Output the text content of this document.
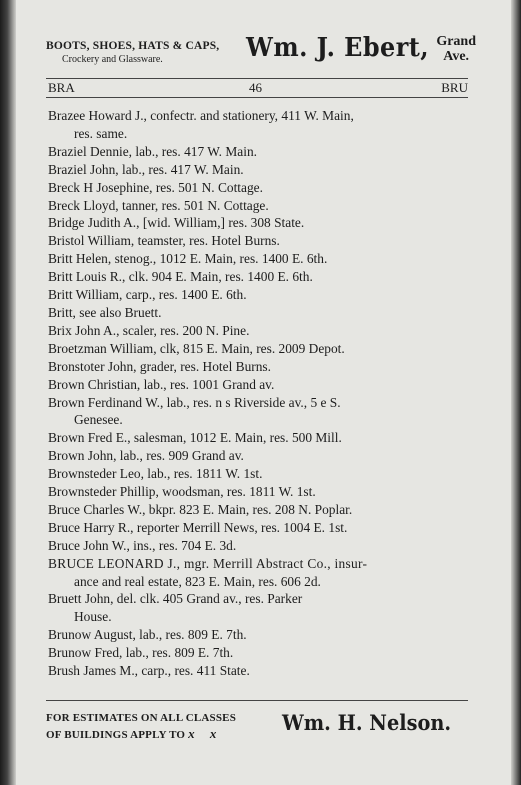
BOOTS, SHOES, HATS & CAPS,
Crockery and Glassware.	Wm. J. Ebert, Grand
Ave.
BRA	46	BRU
Brazee Howard J., confectr. and stationery, 411 W. Main,
res. same.
Braziel Dennie, lab., res. 417 W. Main.
Braziel John, lab., res. 417 W. Main.
Breck H Josephine, res. 501 N. Cottage.
Breck Lloyd, tanner, res. 501 N. Cottage.
Bridge Judith A., [wid. William,] res. 308 State.
Bristol William, teamster, res. Hotel Burns.
Britt Helen, stenog., 1012 E. Main, res. 1400 E. 6th.
Britt Louis R., clk. 904 E. Main, res. 1400 E. 6th.
Britt William, carp., res. 1400 E. 6th.
Britt, see also Bruett.
Brix John A., scaler, res. 200 N. Pine.
Broetzman William, clk, 815 E. Main, res. 2009 Depot.
Bronstoter John, grader, res. Hotel Burns.
Brown Christian, lab., res. 1001 Grand av.
Brown Ferdinand W., lab., res. n s Riverside av., 5 e S.
Genesee.
Brown Fred E., salesman, 1012 E. Main, res. 500 Mill.
Brown John, lab., res. 909 Grand av.
Brownsteder Leo, lab., res. 1811 W. 1st.
Brownsteder Phillip, woodsman, res. 1811 W. 1st.
Bruce Charles W., bkpr. 823 E. Main, res. 208 N. Poplar.
Bruce Harry R., reporter Merrill News, res. 1004 E. 1st.
Bruce John W., ins., res. 704 E. 3d.
BRUCE LEONARD J., mgr. Merrill Abstract Co., insur-
ance and real estate, 823 E. Main, res. 606 2d.
Bruett John, del. clk. 405 Grand av., res. Parker
House.
Brunow August, lab., res. 809 E. 7th.
Brunow Fred, lab., res. 809 E. 7th.
Brush James M., carp., res. 411 State.
FOR ESTIMATES ON ALL CLASSES
OF BUILDINGS APPLY TO x x	Wm. H. Nelson.
